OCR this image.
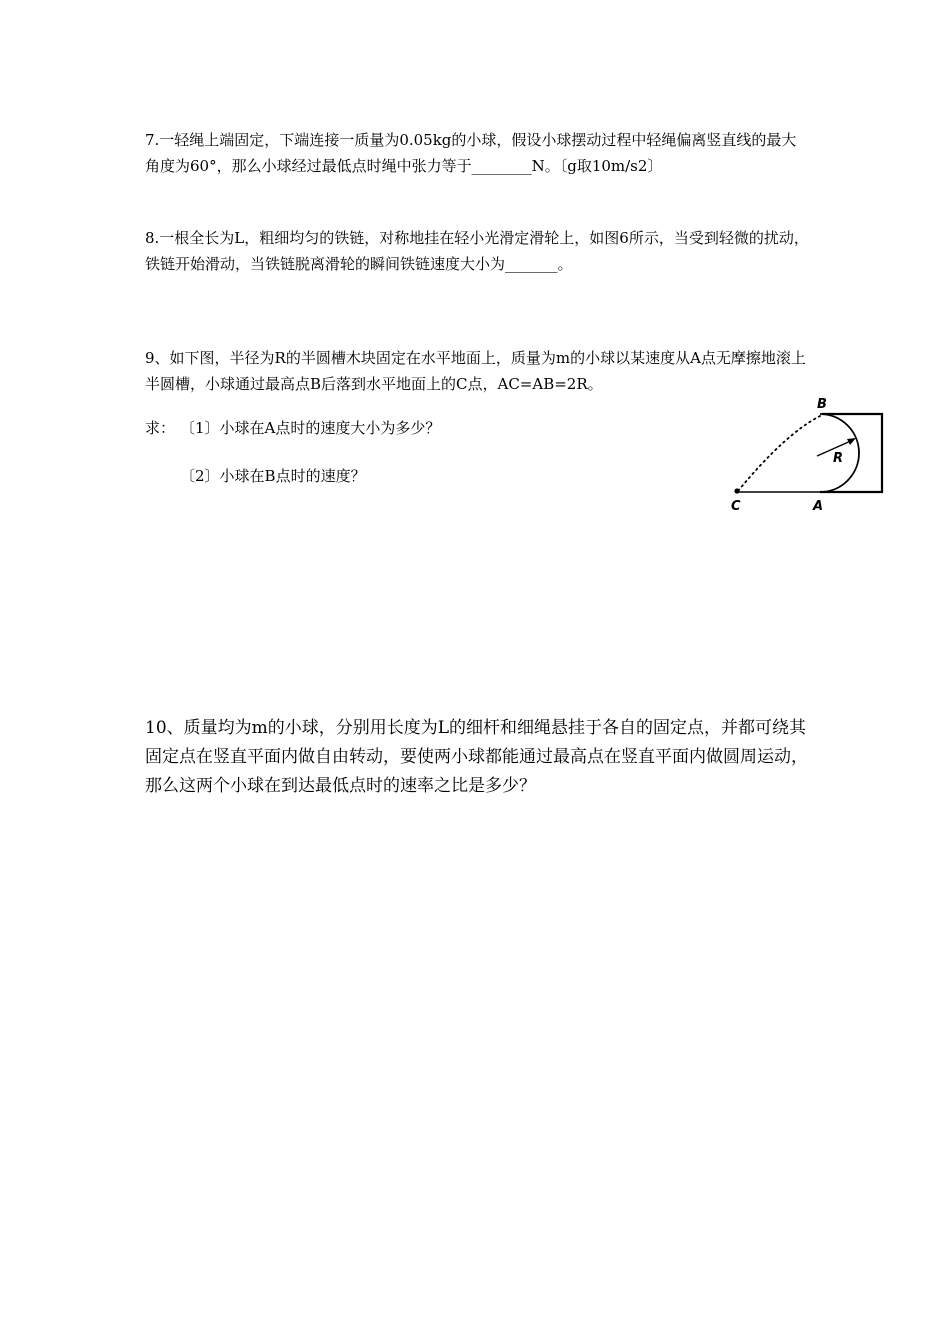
7.一轻绳上端固定，下端连接一质量为0.05kg的小球，假设小球摆动过程中轻绳偏离竖直线的最大角度为60°，那么小球经过最低点时绳中张力等于________N。〔g取10m/s2〕

8.一根全长为L，粗细均匀的铁链，对称地挂在轻小光滑定滑轮上，如图6所示，当受到轻微的扰动，铁链开始滑动，当铁链脱离滑轮的瞬间铁链速度大小为_______。

9、如下图，半径为R的半圆槽木块固定在水平地面上，质量为m的小球以某速度从A点无摩擦地滚上半圆槽，小球通过最高点B后落到水平地面上的C点，AC=AB=2R。

求： 〔1〕小球在A点时的速度大小为多少？

〔2〕小球在B点时的速度？

B
R
C	A

10、质量均为m的小球，分别用长度为L的细杆和细绳悬挂于各自的固定点，并都可绕其固定点在竖直平面内做自由转动，要使两小球都能通过最高点在竖直平面内做圆周运动，那么这两个小球在到达最低点时的速率之比是多少？
